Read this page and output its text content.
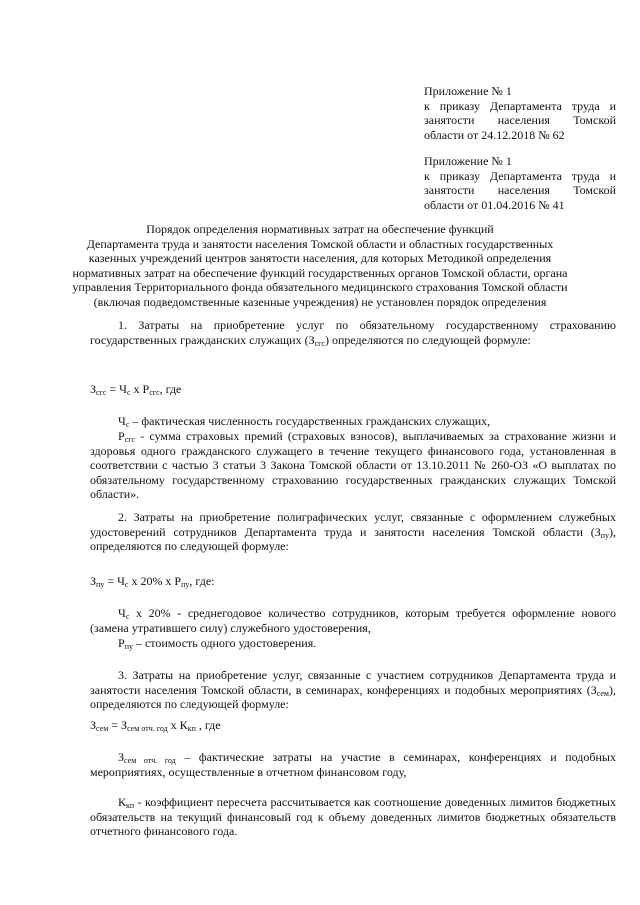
Приложение № 1
к приказу Департамента труда и
занятости населения Томской
области от 24.12.2018 № 62
Приложение № 1
к приказу Департамента труда и
занятости населения Томской
области от 01.04.2016 № 41
Порядок определения нормативных затрат на обеспечение функций
Департамента труда и занятости населения Томской области и областных государственных
казенных учреждений центров занятости населения, для которых Методикой определения
нормативных затрат на обеспечение функций государственных органов Томской области, органа
управления Территориального фонда обязательного медицинского страхования Томской области
(включая подведомственные казенные учреждения) не установлен порядок определения

1. Затраты на приобретение услуг по обязательному государственному страхованию государственных гражданских служащих $(З_{сгс})$ определяются по следующей формуле:

$З_{сгс} = Ч_с$ x $Р_{сгс}$, где

$Ч_с$ – фактическая численность государственных гражданских служащих,

$Р_{сгс}$ - сумма страховых премий (страховых взносов), выплачиваемых за страхование жизни и здоровья одного гражданского служащего в течение текущего финансового года, установленная в соответствии с частью 3 статьи 3 Закона Томской области от 13.10.2011 № 260-ОЗ «О выплатах по обязательному государственному страхованию государственных гражданских служащих Томской области».

2. Затраты на приобретение полиграфических услуг, связанные с оформлением служебных удостоверений сотрудников Департамента труда и занятости населения Томской области $(З_{пу})$, определяются по следующей формуле:

$З_{пу} = Ч_с$ x 20% x $Р_{пу}$, где:

$Ч_с$ x 20% - среднегодовое количество сотрудников, которым требуется оформление нового (замена утратившего силу) служебного удостоверения,

$Р_{пу}$ – стоимость одного удостоверения.

3. Затраты на приобретение услуг, связанные с участием сотрудников Департамента труда и занятости населения Томской области, в семинарах, конференциях и подобных мероприятиях $(З_{сем})$, определяются по следующей формуле:

$З_{сем} = З_{сем отч. год}$ x $К_{кп}$ , где

$З_{сем отч. год}$ – фактические затраты на участие в семинарах, конференциях и подобных мероприятиях, осуществленные в отчетном финансовом году,

$К_{кп}$ - коэффициент пересчета рассчитывается как соотношение доведенных лимитов бюджетных обязательств на текущий финансовый год к объему доведенных лимитов бюджетных обязательств отчетного финансового года.
